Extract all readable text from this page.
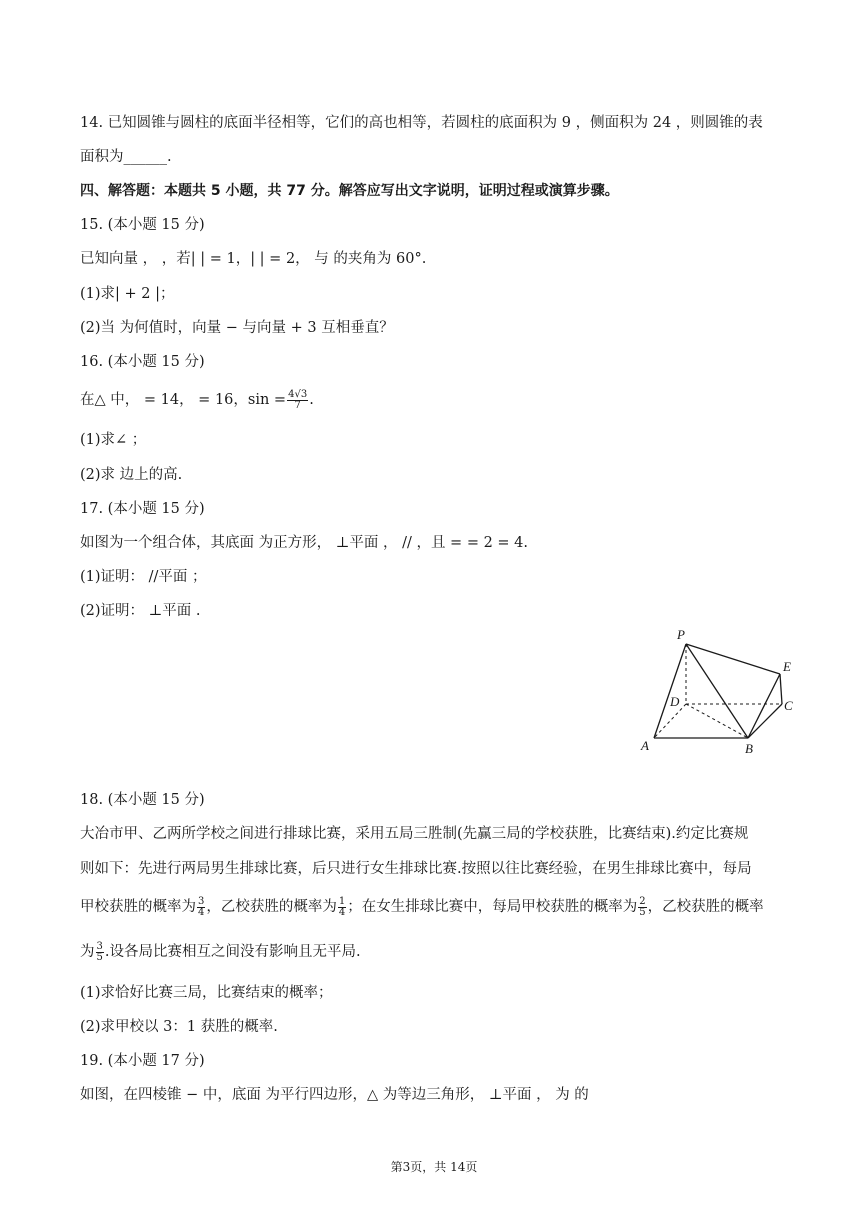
14. 已知圆锥与圆柱的底面半径相等，它们的高也相等，若圆柱的底面积为 9 ，侧面积为 24 ，则圆锥的表
面积为______.
四、解答题：本题共 5 小题，共 77 分。解答应写出文字说明，证明过程或演算步骤。
15. (本小题 15 分)
已知向量 ， ，若| | = 1，| | = 2， 与 的夹角为 60°.
(1)求| + 2 |；
(2)当 为何值时，向量 − 与向量 + 3 互相垂直？
16. (本小题 15 分)
在△ 中， = 14， = 16，$\sin = \frac{4√3}{7}$ .
(1)求∠ ；
(2)求 边上的高.
17. (本小题 15 分)
如图为一个组合体，其底面 为正方形， ⊥平面 ， // ，且 = = 2 = 4.
(1)证明： //平面 ；
(2)证明： ⊥平面 .
P
E
D	C
A	B
18. (本小题 15 分)
大冶市甲、乙两所学校之间进行排球比赛，采用五局三胜制(先赢三局的学校获胜，比赛结束).约定比赛规
则如下：先进行两局男生排球比赛，后只进行女生排球比赛.按照以往比赛经验，在男生排球比赛中，每局
甲校获胜的概率为 $\frac{3}{4}$ ，乙校获胜的概率为 $\frac{1}{4}$ ；在女生排球比赛中，每局甲校获胜的概率为 $\frac{2}{5}$ ，乙校获胜的概率
为 $\frac{3}{5}$ .设各局比赛相互之间没有影响且无平局.
(1)求恰好比赛三局，比赛结束的概率；
(2)求甲校以 3：1 获胜的概率.
19. (本小题 17 分)
如图，在四棱锥 − 中，底面 为平行四边形，△ 为等边三角形， ⊥平面 ， 为 的
第3页，共 14页
